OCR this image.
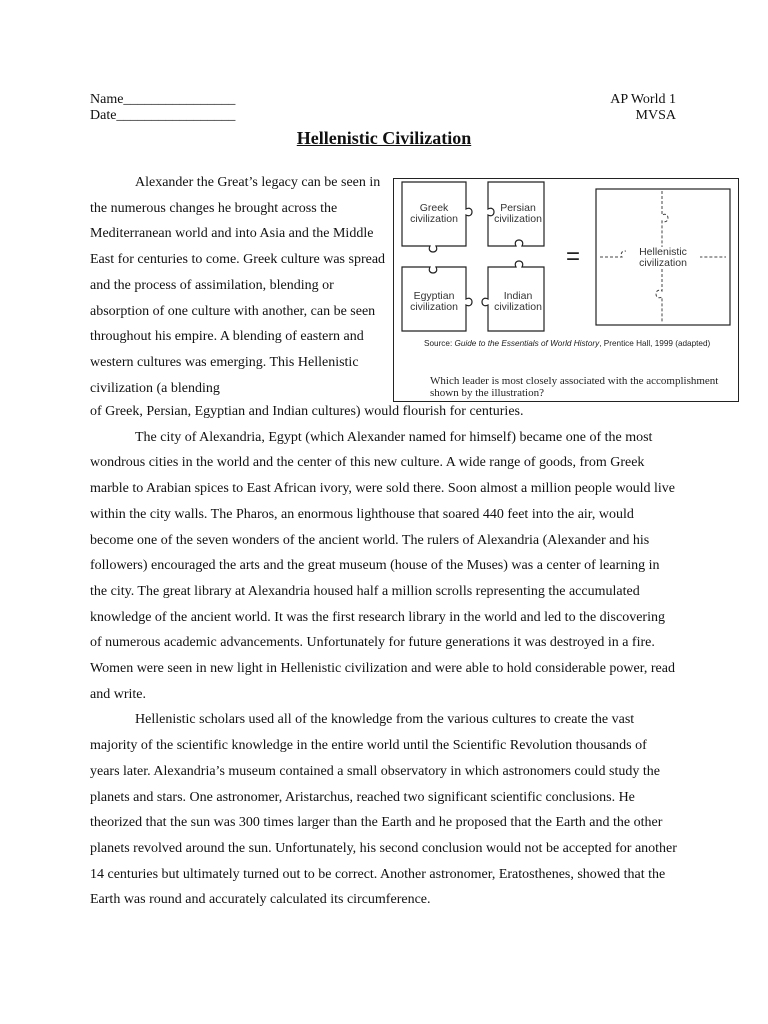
Name________________
Date_________________
AP World 1
MVSA
Hellenistic Civilization
Alexander the Great’s legacy can be seen in the numerous changes he brought across the Mediterranean world and into Asia and the Middle East for centuries to come. Greek culture was spread and the process of assimilation, blending or absorption of one culture with another, can be seen throughout his empire. A blending of eastern and western cultures was emerging. This Hellenistic civilization (a blending
Greek civilization
Persian civilization
Egyptian civilization
Indian civilization
=	Hellenistic civilization
Source: Guide to the Essentials of World History, Prentice Hall, 1999 (adapted)
Which leader is most closely associated with the accomplishment shown by the illustration?

of Greek, Persian, Egyptian and Indian cultures) would flourish for centuries.

The city of Alexandria, Egypt (which Alexander named for himself) became one of the most wondrous cities in the world and the center of this new culture. A wide range of goods, from Greek marble to Arabian spices to East African ivory, were sold there. Soon almost a million people would live within the city walls. The Pharos, an enormous lighthouse that soared 440 feet into the air, would become one of the seven wonders of the ancient world. The rulers of Alexandria (Alexander and his followers) encouraged the arts and the great museum (house of the Muses) was a center of learning in the city. The great library at Alexandria housed half a million scrolls representing the accumulated knowledge of the ancient world. It was the first research library in the world and led to the discovering of numerous academic advancements. Unfortunately for future generations it was destroyed in a fire. Women were seen in new light in Hellenistic civilization and were able to hold considerable power, read and write.

Hellenistic scholars used all of the knowledge from the various cultures to create the vast majority of the scientific knowledge in the entire world until the Scientific Revolution thousands of years later. Alexandria’s museum contained a small observatory in which astronomers could study the planets and stars. One astronomer, Aristarchus, reached two significant scientific conclusions. He theorized that the sun was 300 times larger than the Earth and he proposed that the Earth and the other planets revolved around the sun. Unfortunately, his second conclusion would not be accepted for another 14 centuries but ultimately turned out to be correct. Another astronomer, Eratosthenes, showed that the Earth was round and accurately calculated its circumference.
